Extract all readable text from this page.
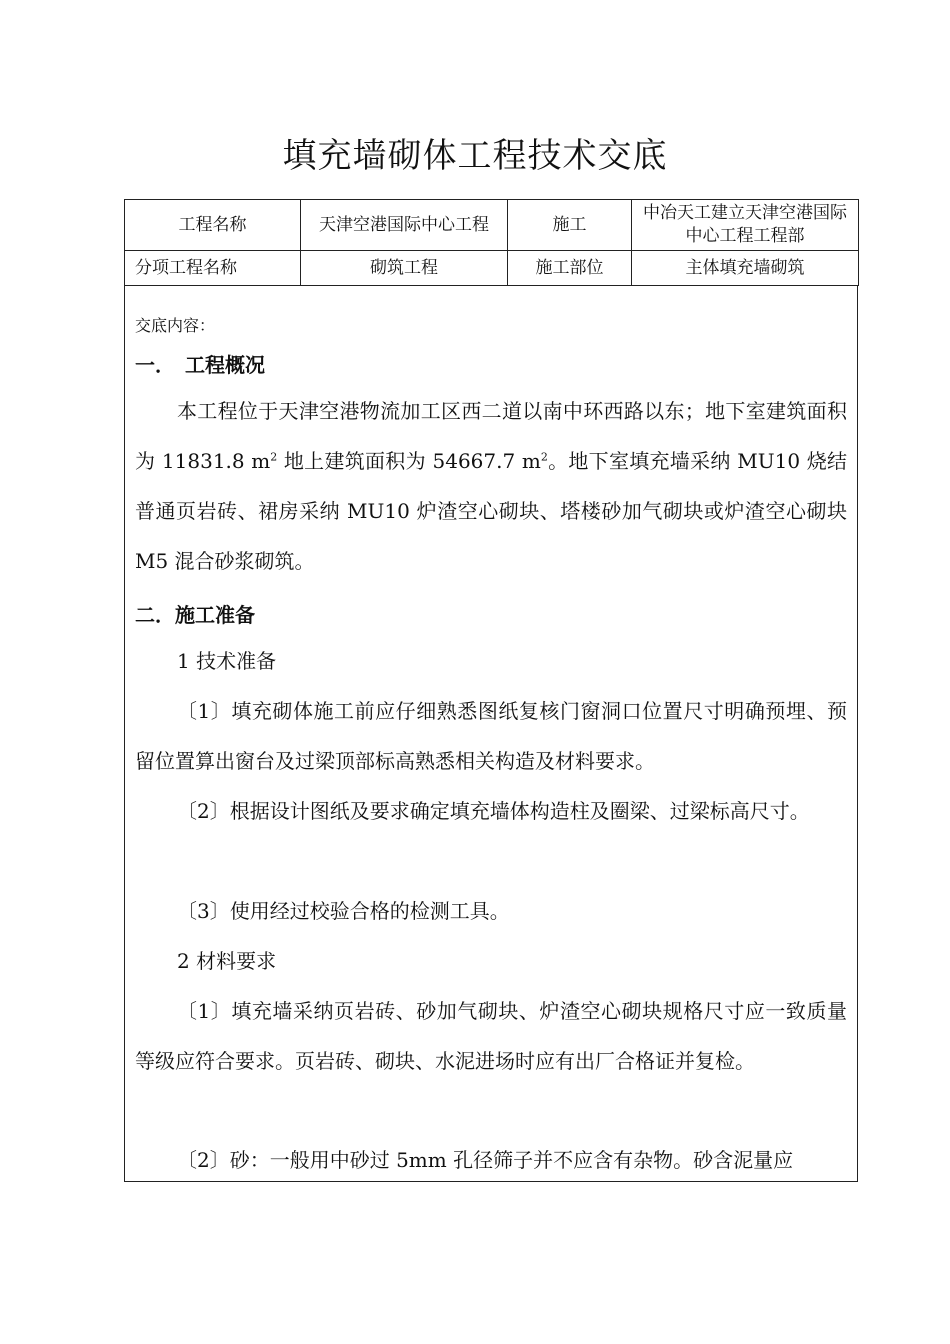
填充墙砌体工程技术交底
工程名称	天津空港国际中心工程	施工	中冶天工建立天津空港国际中心工程工程部
分项工程名称	砌筑工程	施工部位	主体填充墙砌筑
交底内容：
一．　工程概况
本工程位于天津空港物流加工区西二道以南中环西路以东；地下室建筑面积为 11831.8 $m^2$ 地上建筑面积为 54667.7 $m^2$。地下室填充墙采纳 MU10 烧结普通页岩砖、裙房采纳 MU10 炉渣空心砌块、塔楼砂加气砌块或炉渣空心砌块 M5 混合砂浆砌筑。
二．施工准备
1 技术准备
〔1〕填充砌体施工前应仔细熟悉图纸复核门窗洞口位置尺寸明确预埋、预留位置算出窗台及过梁顶部标高熟悉相关构造及材料要求。
〔2〕根据设计图纸及要求确定填充墙体构造柱及圈梁、过梁标高尺寸。
〔3〕使用经过校验合格的检测工具。
2 材料要求
〔1〕填充墙采纳页岩砖、砂加气砌块、炉渣空心砌块规格尺寸应一致质量等级应符合要求。页岩砖、砌块、水泥进场时应有出厂合格证并复检。
〔2〕砂：一般用中砂过 5mm 孔径筛子并不应含有杂物。砂含泥量应
